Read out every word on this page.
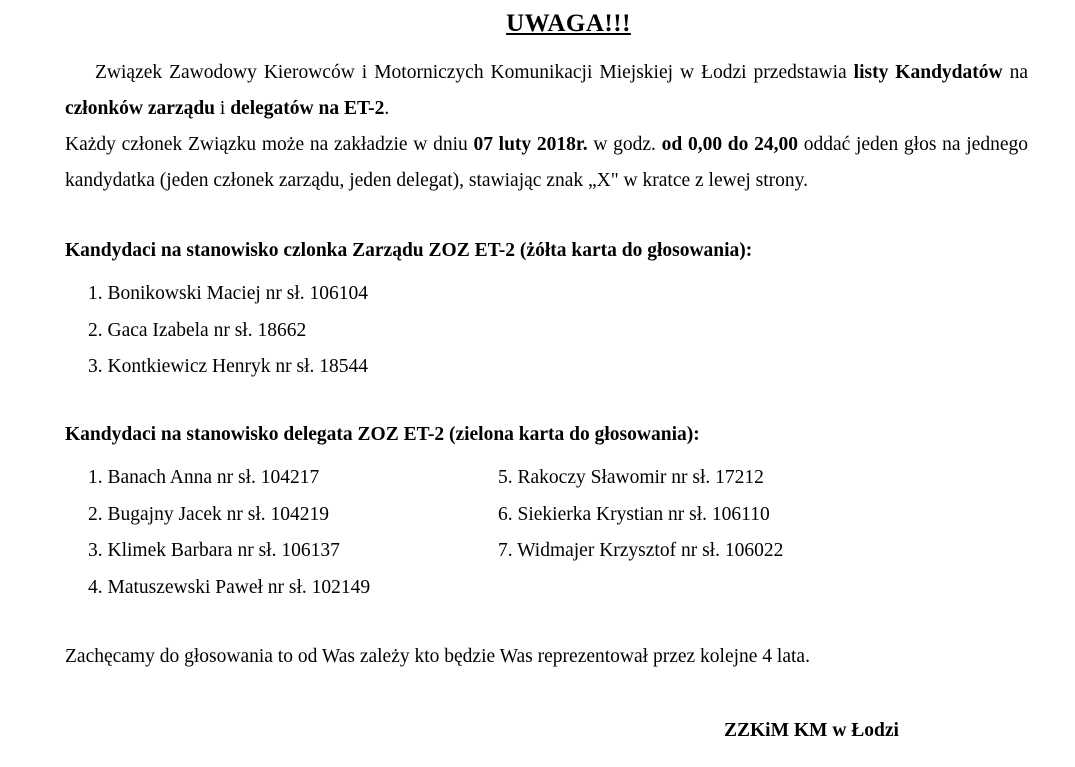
UWAGA!!!

Związek Zawodowy Kierowców i Motorniczych Komunikacji Miejskiej w Łodzi przedstawia listy Kandydatów na członków zarządu i delegatów na ET-2.

Każdy członek Związku może na zakładzie w dniu 07 luty 2018r. w godz. od 0,00 do 24,00 oddać jeden głos na jednego kandydatka (jeden członek zarządu, jeden delegat), stawiając znak „X" w kratce z lewej strony.

Kandydaci na stanowisko czlonka Zarządu ZOZ ET-2 (żółta karta do głosowania):
1. Bonikowski Maciej nr sł. 106104
2. Gaca Izabela nr sł. 18662
3. Kontkiewicz Henryk nr sł. 18544
Kandydaci na stanowisko delegata ZOZ ET-2 (zielona karta do głosowania):
1. Banach Anna nr sł. 104217
2. Bugajny Jacek nr sł. 104219
3. Klimek Barbara nr sł. 106137
4. Matuszewski Paweł nr sł. 102149
5. Rakoczy Sławomir nr sł. 17212
6. Siekierka Krystian nr sł. 106110
7. Widmajer Krzysztof nr sł. 106022
Zachęcamy do głosowania to od Was zależy kto będzie Was reprezentował przez kolejne 4 lata.
ZZKiM KM w Łodzi
